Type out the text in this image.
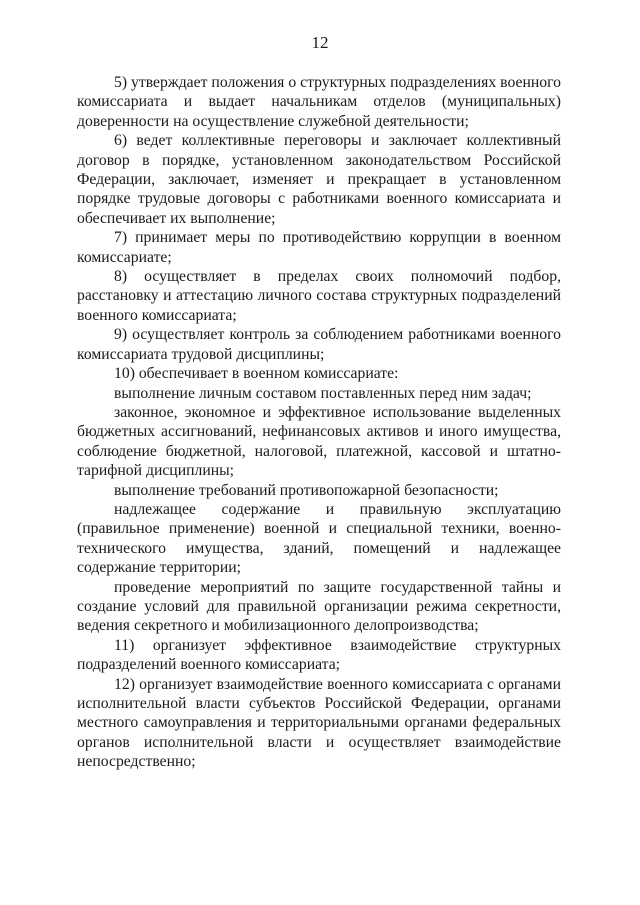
12

5) утверждает положения о структурных подразделениях военного комиссариата и выдает начальникам отделов (муниципальных) доверенности на осуществление служебной деятельности;

6) ведет коллективные переговоры и заключает коллективный договор в порядке, установленном законодательством Российской Федерации, заключает, изменяет и прекращает в установленном порядке трудовые договоры с работниками военного комиссариата и обеспечивает их выполнение;

7) принимает меры по противодействию коррупции в военном комиссариате;

8) осуществляет в пределах своих полномочий подбор, расстановку и аттестацию личного состава структурных подразделений военного комиссариата;

9) осуществляет контроль за соблюдением работниками военного комиссариата трудовой дисциплины;

10) обеспечивает в военном комиссариате:

выполнение личным составом поставленных перед ним задач;

законное, экономное и эффективное использование выделенных бюджетных ассигнований, нефинансовых активов и иного имущества, соблюдение бюджетной, налоговой, платежной, кассовой и штатно-тарифной дисциплины;

выполнение требований противопожарной безопасности;

надлежащее содержание и правильную эксплуатацию (правильное применение) военной и специальной техники, военно-технического имущества, зданий, помещений и надлежащее содержание территории;

проведение мероприятий по защите государственной тайны и создание условий для правильной организации режима секретности, ведения секретного и мобилизационного делопроизводства;

11) организует эффективное взаимодействие структурных подразделений военного комиссариата;

12) организует взаимодействие военного комиссариата с органами исполнительной власти субъектов Российской Федерации, органами местного самоуправления и территориальными органами федеральных органов исполнительной власти и осуществляет взаимодействие непосредственно;
